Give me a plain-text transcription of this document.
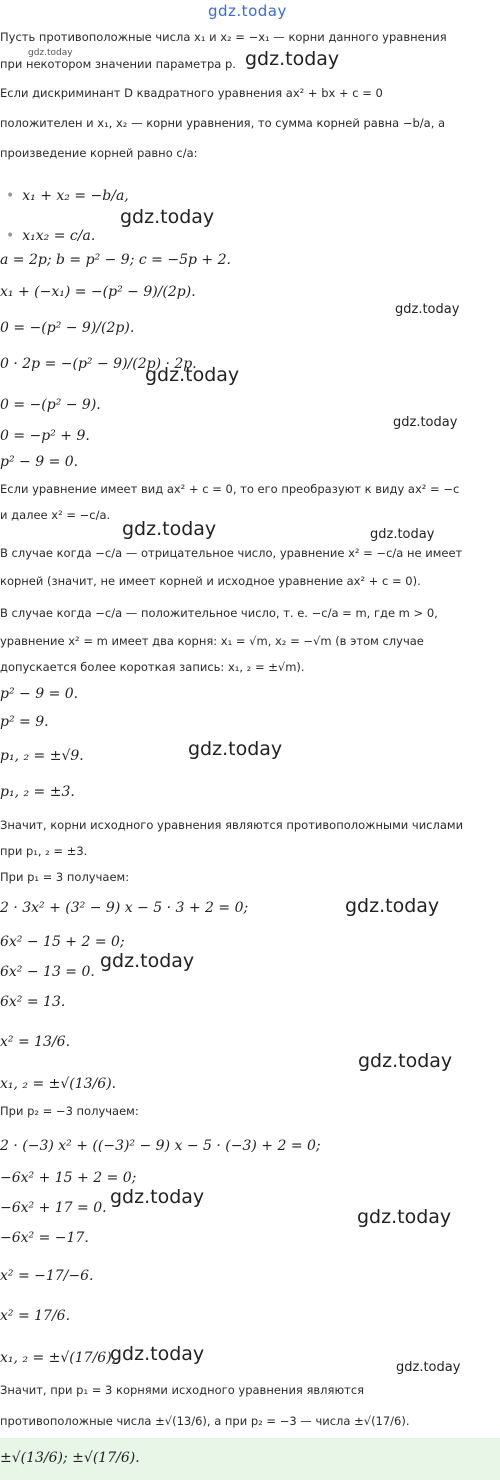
gdz.today
gdz.today	gdz.today
gdz.today
gdz.today
gdz.today
gdz.today
gdz.today	gdz.today
gdz.today
gdz.today
gdz.today
gdz.today
gdz.today
gdz.today
gdz.today
gdz.today
Пусть противоположные числа x₁ и x₂ = −x₁ — корни данного уравнения
при некотором значении параметра p.
Если дискриминант D квадратного уравнения ax² + bx + c = 0
положителен и x₁, x₂ — корни уравнения, то сумма корней равна −b/a, а
произведение корней равно c/a:
• x₁ + x₂ = −b/a,
• x₁x₂ = c/a.
a = 2p; b = p² − 9; c = −5p + 2.
x₁ + (−x₁) = −(p² − 9)/(2p).
0 = −(p² − 9)/(2p).
0 · 2p = −(p² − 9)/(2p) · 2p.
0 = −(p² − 9).
0 = −p² + 9.
p² − 9 = 0.
Если уравнение имеет вид ax² + c = 0, то его преобразуют к виду ax² = −c
и далее x² = −c/a.
В случае когда −c/a — отрицательное число, уравнение x² = −c/a не имеет
корней (значит, не имеет корней и исходное уравнение ax² + c = 0).
В случае когда −c/a — положительное число, т. е. −c/a = m, где m > 0,
уравнение x² = m имеет два корня: x₁ = √m, x₂ = −√m (в этом случае
допускается более короткая запись: x₁, ₂ = ±√m).
p² − 9 = 0.
p² = 9.
p₁, ₂ = ±√9.
p₁, ₂ = ±3.
Значит, корни исходного уравнения являются противоположными числами
при p₁, ₂ = ±3.
При p₁ = 3 получаем:
2 · 3x² + (3² − 9) x − 5 · 3 + 2 = 0;
6x² − 15 + 2 = 0;
6x² − 13 = 0.
6x² = 13.
x² = 13/6.
x₁, ₂ = ±√(13/6).
При p₂ = −3 получаем:
2 · (−3) x² + ((−3)² − 9) x − 5 · (−3) + 2 = 0;
−6x² + 15 + 2 = 0;
−6x² + 17 = 0.
−6x² = −17.
x² = −17/−6.
x² = 17/6.
x₁, ₂ = ±√(17/6).
Значит, при p₁ = 3 корнями исходного уравнения являются
противоположные числа ±√(13/6), а при p₂ = −3 — числа ±√(17/6).
±√(13/6); ±√(17/6).
